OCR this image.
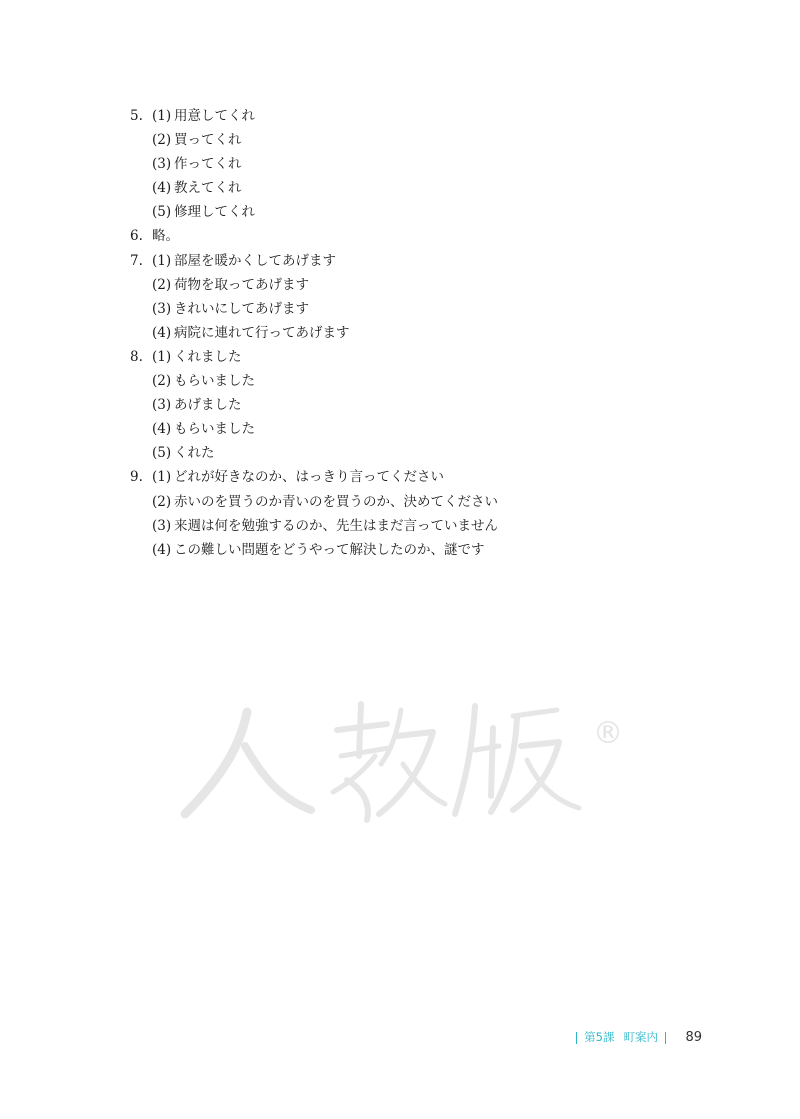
5. (1) 用意してくれ
(2) 買ってくれ
(3) 作ってくれ
(4) 教えてくれ
(5) 修理してくれ
6. 略。
7. (1) 部屋を暖かくしてあげます
(2) 荷物を取ってあげます
(3) きれいにしてあげます
(4) 病院に連れて行ってあげます
8. (1) くれました
(2) もらいました
(3) あげました
(4) もらいました
(5) くれた
9. (1) どれが好きなのか、はっきり言ってください
(2) 赤いのを買うのか青いのを買うのか、決めてください
(3) 来週は何を勉強するのか、先生はまだ言っていません
(4) この難しい問題をどうやって解決したのか、謎です
®
第5課 町案内 89
